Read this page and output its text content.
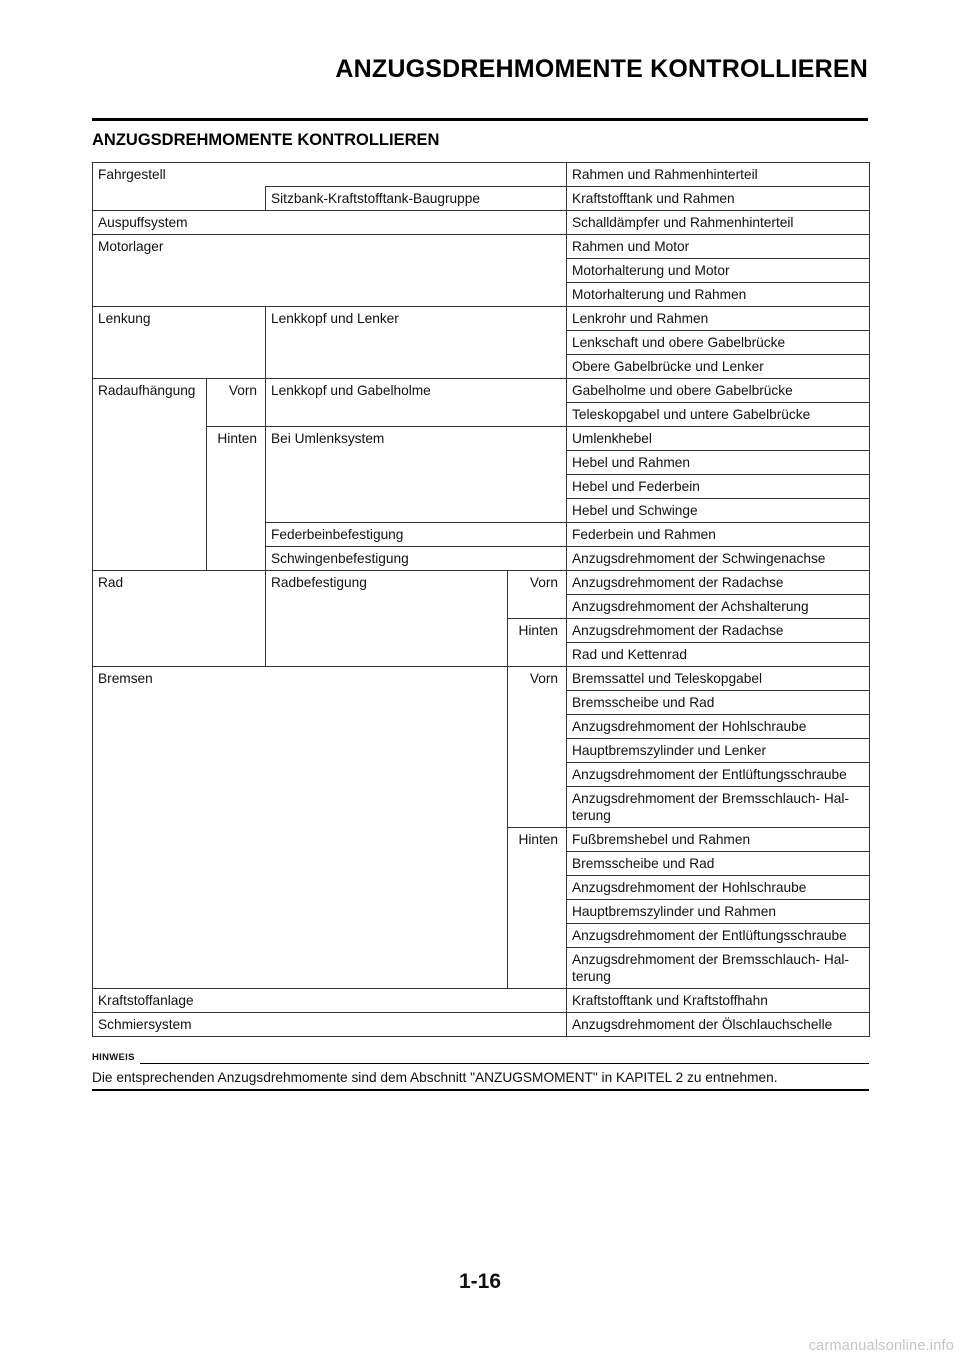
ANZUGSDREHMOMENTE KONTROLLIEREN
ANZUGSDREHMOMENTE KONTROLLIEREN
Fahrgestell				Rahmen und Rahmenhinterteil
		Sitzbank-Kraftstofftank-Baugruppe		Kraftstofftank und Rahmen
Auspuffsystem				Schalldämpfer und Rahmenhinterteil
Motorlager				Rahmen und Motor
				Motorhalterung und Motor
				Motorhalterung und Rahmen
Lenkung		Lenkkopf und Lenker		Lenkrohr und Rahmen
				Lenkschaft und obere Gabelbrücke
				Obere Gabelbrücke und Lenker
Radaufhängung	Vorn	Lenkkopf und Gabelholme		Gabelholme und obere Gabelbrücke
				Teleskopgabel und untere Gabelbrücke
	Hinten	Bei Umlenksystem		Umlenkhebel
				Hebel und Rahmen
				Hebel und Federbein
				Hebel und Schwinge
		Federbeinbefestigung		Federbein und Rahmen
		Schwingenbefestigung		Anzugsdrehmoment der Schwingenachse
Rad		Radbefestigung	Vorn	Anzugsdrehmoment der Radachse
				Anzugsdrehmoment der Achshalterung
			Hinten	Anzugsdrehmoment der Radachse
				Rad und Kettenrad
Bremsen			Vorn	Bremssattel und Teleskopgabel
				Bremsscheibe und Rad
				Anzugsdrehmoment der Hohlschraube
				Hauptbremszylinder und Lenker
				Anzugsdrehmoment der Entlüftungsschraube
				Anzugsdrehmoment der Bremsschlauch- Hal-
terung
			Hinten	Fußbremshebel und Rahmen
				Bremsscheibe und Rad
				Anzugsdrehmoment der Hohlschraube
				Hauptbremszylinder und Rahmen
				Anzugsdrehmoment der Entlüftungsschraube
				Anzugsdrehmoment der Bremsschlauch- Hal-
terung
Kraftstoffanlage				Kraftstofftank und Kraftstoffhahn
Schmiersystem				Anzugsdrehmoment der Ölschlauchschelle
HINWEIS
Die entsprechenden Anzugsdrehmomente sind dem Abschnitt "ANZUGSMOMENT" in KAPITEL 2 zu entnehmen.
1-16
carmanualsonline.info
